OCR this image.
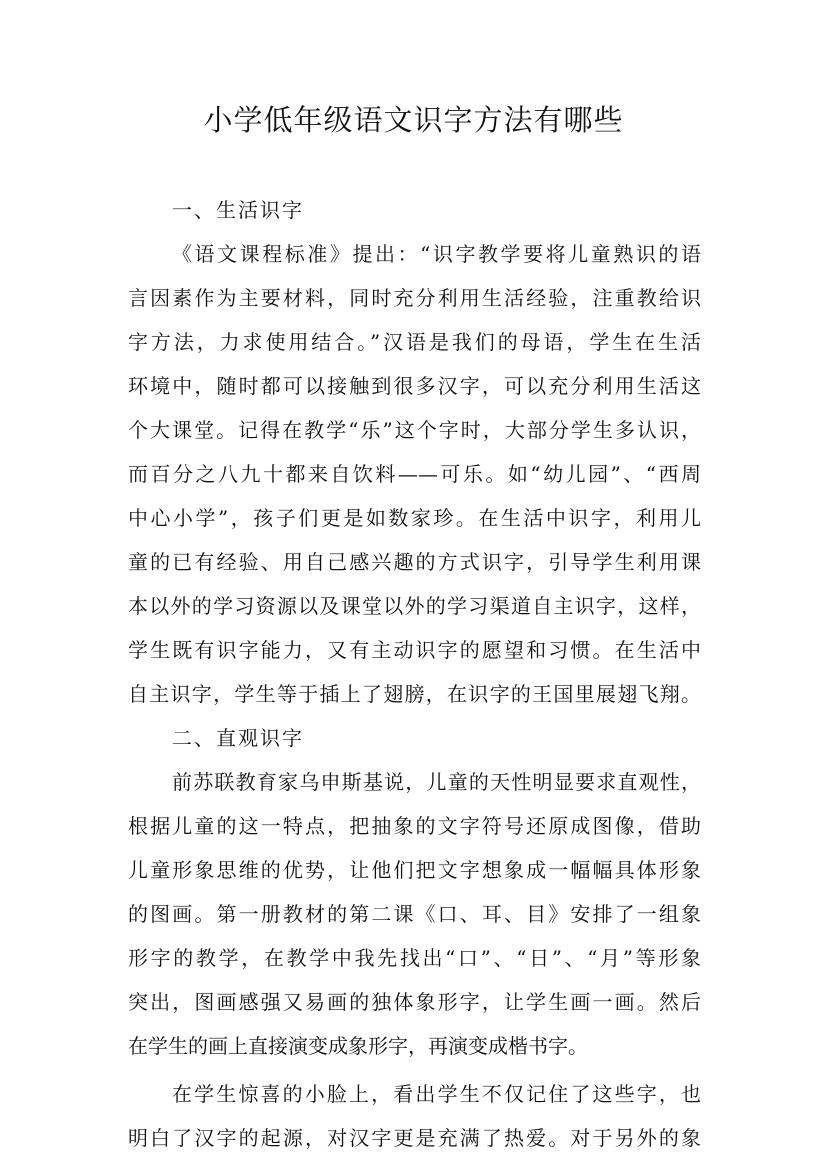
小学低年级语文识字方法有哪些

一、生活识字

《语文课程标准》提出：“识字教学要将儿童熟识的语
言因素作为主要材料，同时充分利用生活经验，注重教给识
字方法，力求使用结合。”汉语是我们的母语，学生在生活
环境中，随时都可以接触到很多汉字，可以充分利用生活这
个大课堂。记得在教学“乐”这个字时，大部分学生多认识，
而百分之八九十都来自饮料——可乐。如“幼儿园”、“西周
中心小学”，孩子们更是如数家珍。在生活中识字，利用儿
童的已有经验、用自己感兴趣的方式识字，引导学生利用课
本以外的学习资源以及课堂以外的学习渠道自主识字，这样，
学生既有识字能力，又有主动识字的愿望和习惯。在生活中
自主识字，学生等于插上了翅膀，在识字的王国里展翅飞翔。

二、直观识字

前苏联教育家乌申斯基说，儿童的天性明显要求直观性，
根据儿童的这一特点，把抽象的文字符号还原成图像，借助
儿童形象思维的优势，让他们把文字想象成一幅幅具体形象
的图画。第一册教材的第二课《口、耳、目》安排了一组象
形字的教学，在教学中我先找出“口”、“日”、“月”等形象
突出，图画感强又易画的独体象形字，让学生画一画。然后
在学生的画上直接演变成象形字，再演变成楷书字。

在学生惊喜的小脸上，看出学生不仅记住了这些字，也
明白了汉字的起源，对汉字更是充满了热爱。对于另外的象
